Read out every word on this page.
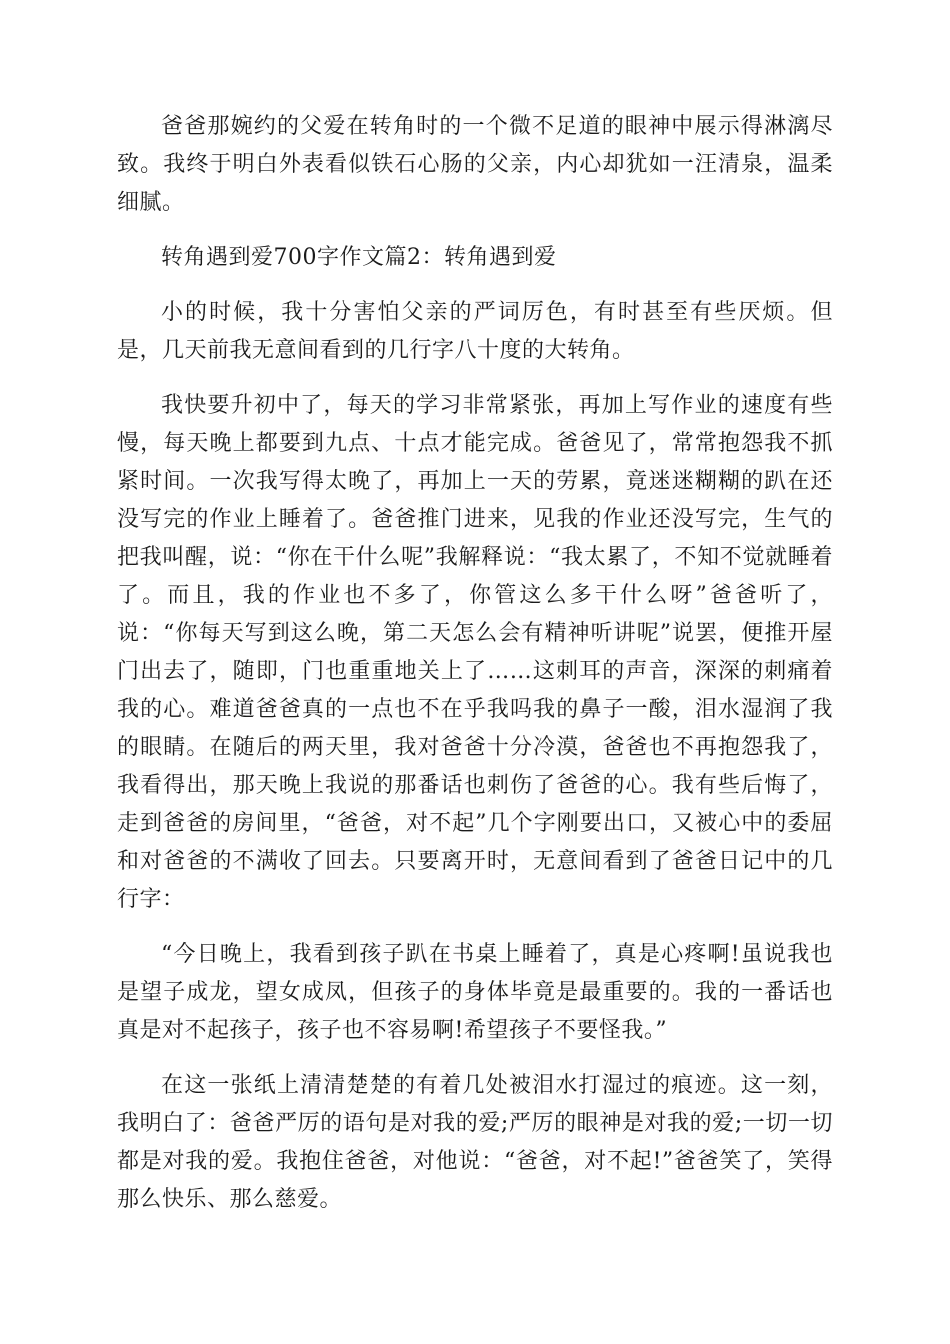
爸爸那婉约的父爱在转角时的一个微不足道的眼神中展示得淋漓尽致。我终于明白外表看似铁石心肠的父亲，内心却犹如一汪清泉，温柔细腻。

转角遇到爱700字作文篇2：转角遇到爱

小的时候，我十分害怕父亲的严词厉色，有时甚至有些厌烦。但是，几天前我无意间看到的几行字八十度的大转角。

我快要升初中了，每天的学习非常紧张，再加上写作业的速度有些慢，每天晚上都要到九点、十点才能完成。爸爸见了，常常抱怨我不抓紧时间。一次我写得太晚了，再加上一天的劳累，竟迷迷糊糊的趴在还没写完的作业上睡着了。爸爸推门进来，见我的作业还没写完，生气的把我叫醒，说：“你在干什么呢”我解释说：“我太累了，不知不觉就睡着了。而且，我的作业也不多了，你管这么多干什么呀”爸爸听了，说：“你每天写到这么晚，第二天怎么会有精神听讲呢”说罢，便推开屋门出去了，随即，门也重重地关上了……这刺耳的声音，深深的刺痛着我的心。难道爸爸真的一点也不在乎我吗我的鼻子一酸，泪水湿润了我的眼睛。在随后的两天里，我对爸爸十分冷漠，爸爸也不再抱怨我了，我看得出，那天晚上我说的那番话也刺伤了爸爸的心。我有些后悔了，走到爸爸的房间里，“爸爸，对不起”几个字刚要出口，又被心中的委屈和对爸爸的不满收了回去。只要离开时，无意间看到了爸爸日记中的几行字：

“今日晚上，我看到孩子趴在书桌上睡着了，真是心疼啊!虽说我也是望子成龙，望女成凤，但孩子的身体毕竟是最重要的。我的一番话也真是对不起孩子，孩子也不容易啊!希望孩子不要怪我。”

在这一张纸上清清楚楚的有着几处被泪水打湿过的痕迹。这一刻，我明白了：爸爸严厉的语句是对我的爱;严厉的眼神是对我的爱;一切一切都是对我的爱。我抱住爸爸，对他说：“爸爸，对不起!”爸爸笑了，笑得那么快乐、那么慈爱。
